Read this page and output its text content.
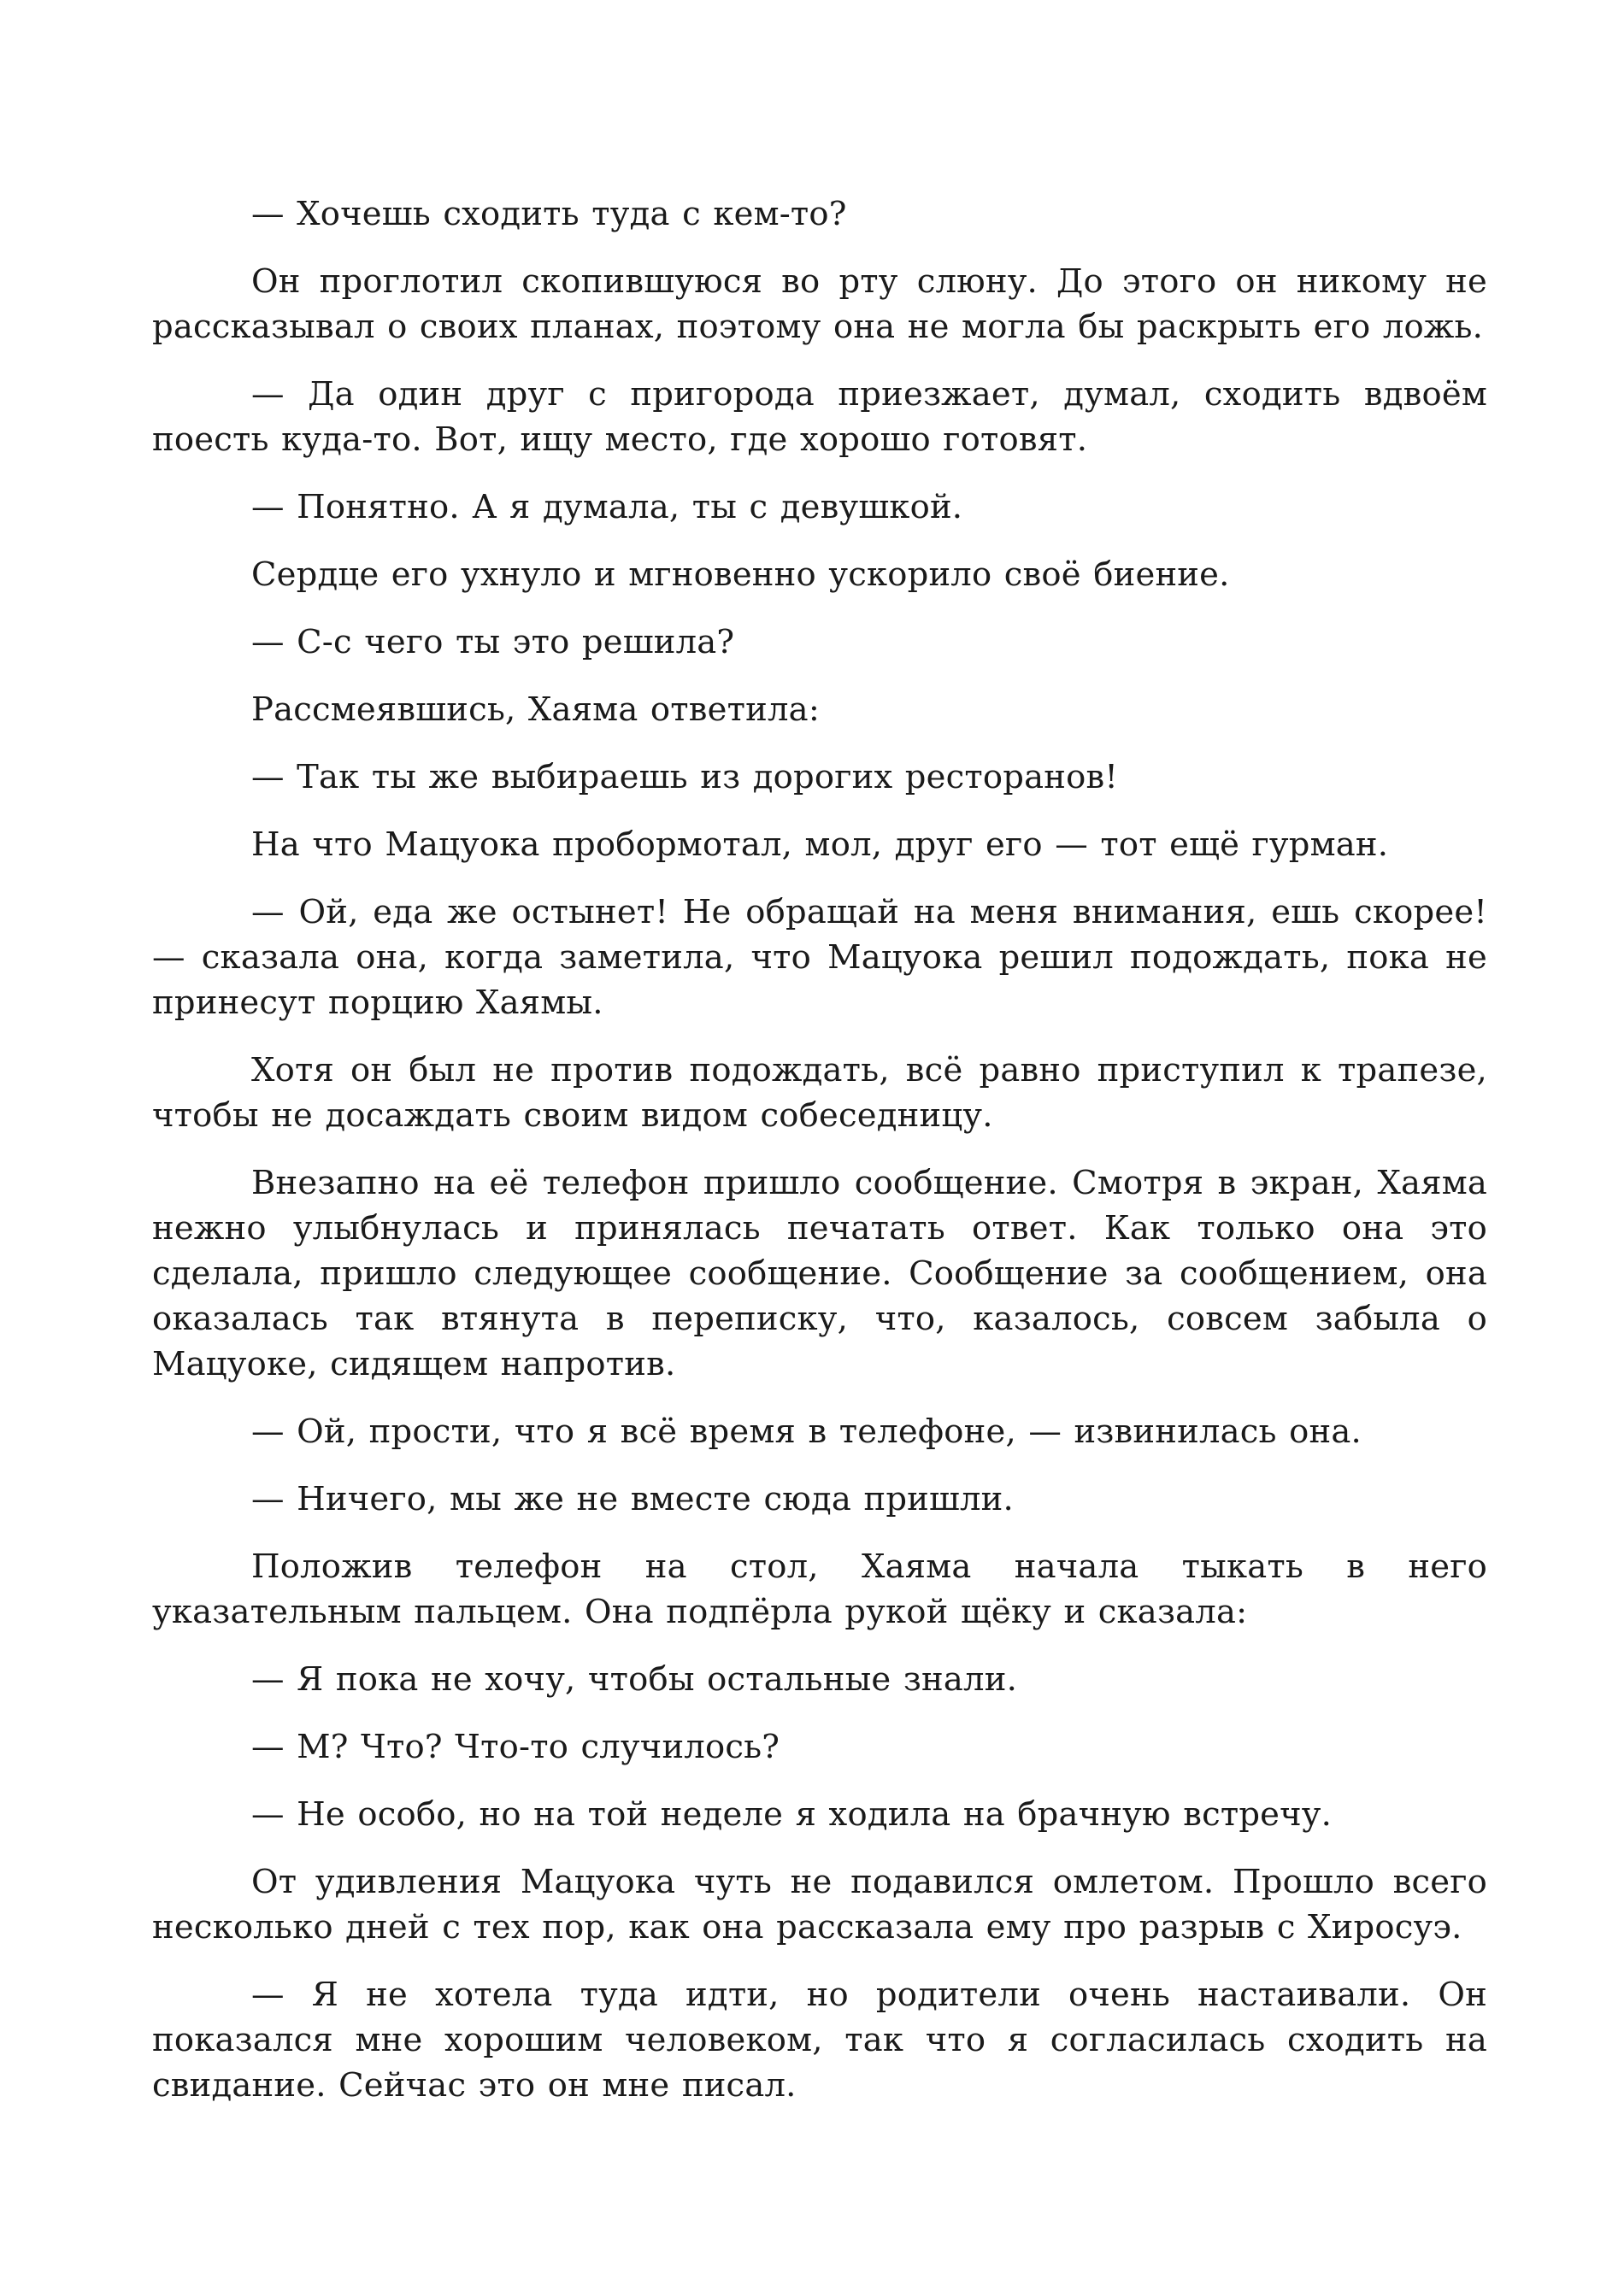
— Хочешь сходить туда с кем-то?

Он проглотил скопившуюся во рту слюну. До этого он никому не рассказывал о своих планах, поэтому она не могла бы раскрыть его ложь.

— Да один друг с пригорода приезжает, думал, сходить вдвоём поесть куда-то. Вот, ищу место, где хорошо готовят.

— Понятно. А я думала, ты с девушкой.

Сердце его ухнуло и мгновенно ускорило своё биение.

— С-с чего ты это решила?

Рассмеявшись, Хаяма ответила:

— Так ты же выбираешь из дорогих ресторанов!

На что Мацуока пробормотал, мол, друг его — тот ещё гурман.

— Ой, еда же остынет! Не обращай на меня внимания, ешь скорее! — сказала она, когда заметила, что Мацуока решил подождать, пока не принесут порцию Хаямы.

Хотя он был не против подождать, всё равно приступил к трапезе, чтобы не досаждать своим видом собеседницу.

Внезапно на её телефон пришло сообщение. Смотря в экран, Хаяма нежно улыбнулась и принялась печатать ответ. Как только она это сделала, пришло следующее сообщение. Сообщение за сообщением, она оказалась так втянута в переписку, что, казалось, совсем забыла о Мацуоке, сидящем напротив.

— Ой, прости, что я всё время в телефоне, — извинилась она.

— Ничего, мы же не вместе сюда пришли.

Положив телефон на стол, Хаяма начала тыкать в него указательным пальцем. Она подпёрла рукой щёку и сказала:

— Я пока не хочу, чтобы остальные знали.

— М? Что? Что-то случилось?

— Не особо, но на той неделе я ходила на брачную встречу.

От удивления Мацуока чуть не подавился омлетом. Прошло всего несколько дней с тех пор, как она рассказала ему про разрыв с Хиросуэ.

— Я не хотела туда идти, но родители очень настаивали. Он показался мне хорошим человеком, так что я согласилась сходить на свидание. Сейчас это он мне писал.
